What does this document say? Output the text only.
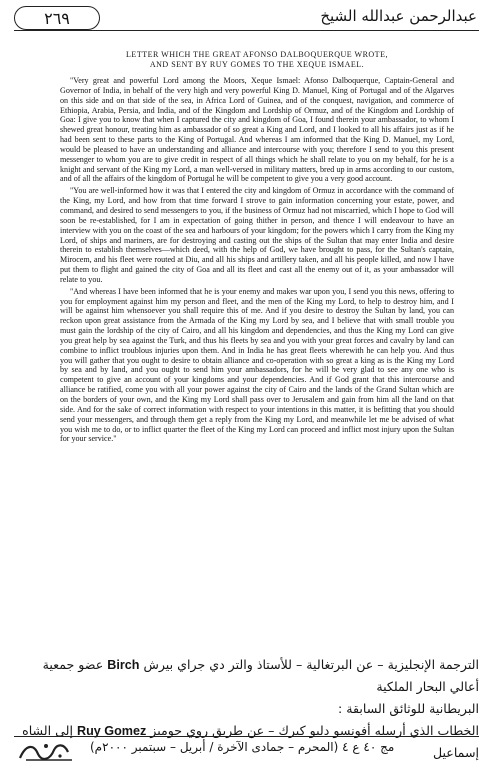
٢٦٩	عبدالرحمن عبدالله الشيخ
LETTER WHICH THE GREAT AFONSO DALBOQUERQUE WROTE,
AND SENT BY RUY GOMES TO THE XEQUE ISMAEL.

"Very great and powerful Lord among the Moors, Xeque Ismael: Afonso Dalboquerque, Captain-General and Governor of India, in behalf of the very high and very powerful King D. Manuel, King of Portugal and of the Algarves on this side and on that side of the sea, in Africa Lord of Guinea, and of the conquest, navigation, and commerce of Ethiopia, Arabia, Persia, and India, and of the Kingdom and Lordship of Ormuz, and of the Kingdom and Lordship of Goa: I give you to know that when I captured the city and kingdom of Goa, I found therein your ambassador, to whom I shewed great honour, treating him as ambassador of so great a King and Lord, and I looked to all his affairs just as if he had been sent to these parts to the King of Portugal. And whereas I am informed that the King D. Manuel, my Lord, would be pleased to have an understanding and alliance and intercourse with you; therefore I send to you this present messenger to whom you are to give credit in respect of all things which he shall relate to you on my behalf, for he is a knight and servant of the King my Lord, a man well-versed in military matters, bred up in arms according to our custom, and of all the affairs of the kingdom of Portugal he will be competent to give you a very good account.

"You are well-informed how it was that I entered the city and kingdom of Ormuz in accordance with the command of the King, my Lord, and how from that time forward I strove to gain information concerning your estate, power, and command, and desired to send messengers to you, if the business of Ormuz had not miscarried, which I hope to God will soon be re-established, for I am in expectation of going thither in person, and thence I will endeavour to have an interview with you on the coast of the sea and harbours of your kingdom; for the powers which I carry from the King my Lord, of ships and mariners, are for destroying and casting out the ships of the Sultan that may enter India and desire therein to establish themselves—which deed, with the help of God, we have brought to pass, for the Sultan's captain, Mirocem, and his fleet were routed at Diu, and all his ships and artillery taken, and all his people killed, and now I have put them to flight and gained the city of Goa and all its fleet and cast all the enemy out of it, as your ambassador will relate to you.

"And whereas I have been informed that he is your enemy and makes war upon you, I send you this news, offering to you for employment against him my person and fleet, and the men of the King my Lord, to help to destroy him, and I will be against him whensoever you shall require this of me. And if you desire to destroy the Sultan by land, you can reckon upon great assistance from the Armada of the King my Lord by sea, and I believe that with small trouble you must gain the lordship of the city of Cairo, and all his kingdom and dependencies, and thus the King my Lord can give you great help by sea against the Turk, and thus his fleets by sea and you with your great forces and cavalry by land can combine to inflict troublous injuries upon them. And in India he has great fleets wherewith he can help you. And thus you will gather that you ought to desire to obtain alliance and co-operation with so great a king as is the King my Lord by sea and by land, and you ought to send him your ambassadors, for he will be very glad to see any one who is competent to give an account of your kingdoms and your dependencies. And if God grant that this intercourse and alliance be ratified, come you with all your power against the city of Cairo and the lands of the Grand Sultan which are on the borders of your own, and the King my Lord shall pass over to Jerusalem and gain from him all the land on that side. And for the sake of correct information with respect to your intentions in this matter, it is befitting that you should send your messengers, and through them get a reply from the King my Lord, and meanwhile let me be advised of what you wish me to do, or to inflict quarter the fleet of the King my Lord can proceed and inflict most injury upon the Sultan for your service."

الترجمة الإنجليزية – عن البرتغالية – للأستاذ والتر دي جراي بيرش Birch عضو جمعية أعالي البحار الملكية
البريطانية للوثائق السابقة :
الخطاب الذي أرسله أفونسو دلبو كيرك – عن طريق روي جوميز Ruy Gomez إلى الشاه إسماعيل
مج ٤٠ ع ٤ (المحرم – جمادى الآخرة / أبريل – سبتمبر ٢٠٠٠م)
